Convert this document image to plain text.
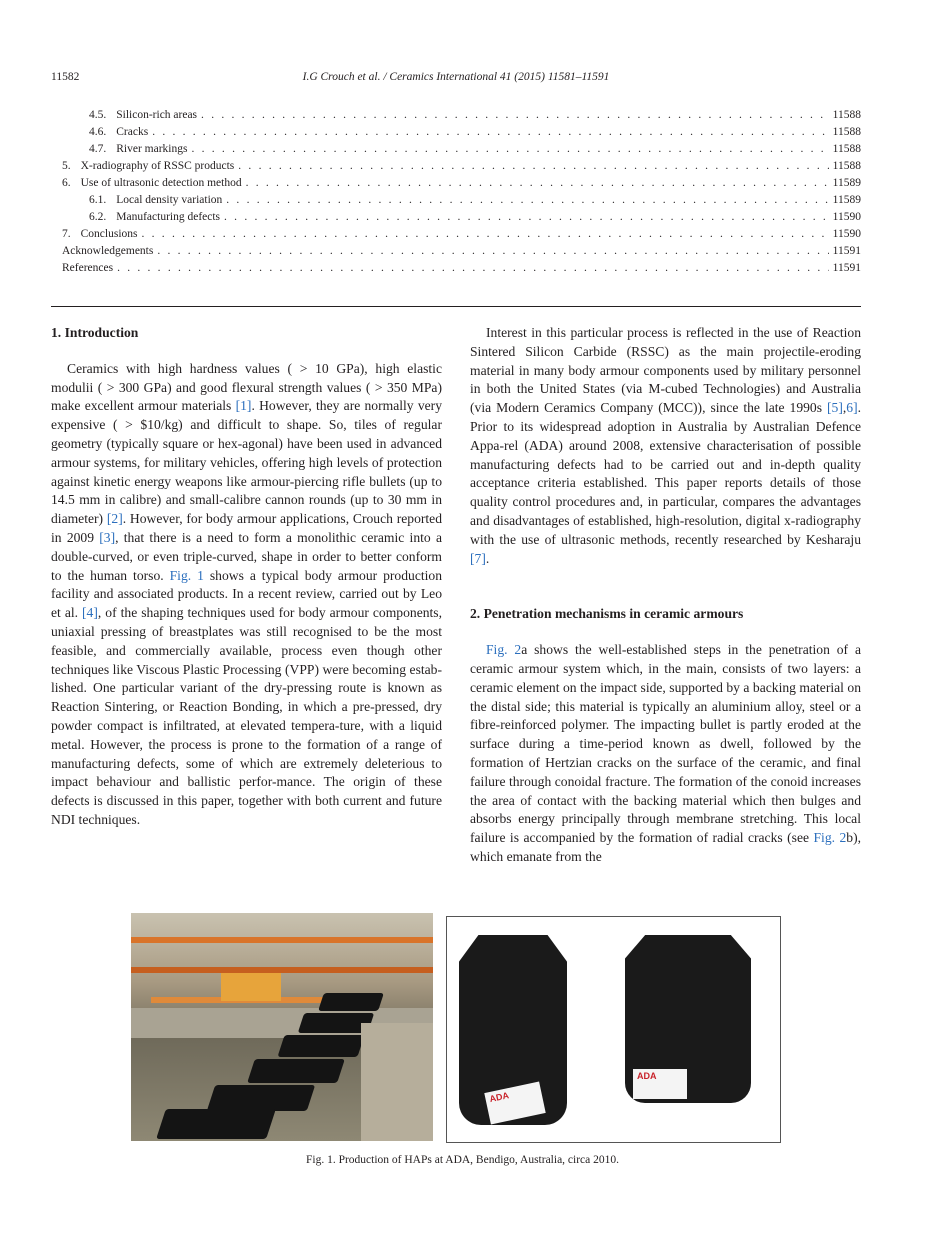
11582	I.G Crouch et al. / Ceramics International 41 (2015) 11581–11591
4.5. Silicon-rich areas . . .	11588
4.6. Cracks . . .	11588
4.7. River markings . . .	11588
5. X-radiography of RSSC products . . .	11588
6. Use of ultrasonic detection method . . .	11589
6.1. Local density variation . . .	11589
6.2. Manufacturing defects . . .	11590
7. Conclusions . . .	11590
Acknowledgements . . .	11591
References . . .	11591
1. Introduction

Ceramics with high hardness values ( > 10 GPa), high elastic modulii ( > 300 GPa) and good flexural strength values ( > 350 MPa) make excellent armour materials [1]. However, they are normally very expensive ( > $10/kg) and difficult to shape. So, tiles of regular geometry (typically square or hex-agonal) have been used in advanced armour systems, for military vehicles, offering high levels of protection against kinetic energy weapons like armour-piercing rifle bullets (up to 14.5 mm in calibre) and small-calibre cannon rounds (up to 30 mm in diameter) [2]. However, for body armour applications, Crouch reported in 2009 [3], that there is a need to form a monolithic ceramic into a double-curved, or even triple-curved, shape in order to better conform to the human torso. Fig. 1 shows a typical body armour production facility and associated products. In a recent review, carried out by Leo et al. [4], of the shaping techniques used for body armour components, uniaxial pressing of breastplates was still recognised to be the most feasible, and commercially available, process even though other techniques like Viscous Plastic Processing (VPP) were becoming estab-lished. One particular variant of the dry-pressing route is known as Reaction Sintering, or Reaction Bonding, in which a pre-pressed, dry powder compact is infiltrated, at elevated tempera-ture, with a liquid metal. However, the process is prone to the formation of a range of manufacturing defects, some of which are extremely deleterious to impact behaviour and ballistic perfor-mance. The origin of these defects is discussed in this paper, together with both current and future NDI techniques.

Interest in this particular process is reflected in the use of Reaction Sintered Silicon Carbide (RSSC) as the main projectile-eroding material in many body armour components used by military personnel in both the United States (via M-cubed Technologies) and Australia (via Modern Ceramics Company (MCC)), since the late 1990s [5],6]. Prior to its widespread adoption in Australia by Australian Defence Appa-rel (ADA) around 2008, extensive characterisation of possible manufacturing defects had to be carried out and in-depth quality acceptance criteria established. This paper reports details of those quality control procedures and, in particular, compares the advantages and disadvantages of established, high-resolution, digital x-radiography with the use of ultrasonic methods, recently researched by Kesharaju [7].

2. Penetration mechanisms in ceramic armours

Fig. 2a shows the well-established steps in the penetration of a ceramic armour system which, in the main, consists of two layers: a ceramic element on the impact side, supported by a backing material on the distal side; this material is typically an aluminium alloy, steel or a fibre-reinforced polymer. The impacting bullet is partly eroded at the surface during a time-period known as dwell, followed by the formation of Hertzian cracks on the surface of the ceramic, and final failure through conoidal fracture. The formation of the conoid increases the area of contact with the backing material which then bulges and absorbs energy principally through membrane stretching. This local failure is accompanied by the formation of radial cracks (see Fig. 2b), which emanate from the

ADA
ADA
Fig. 1. Production of HAPs at ADA, Bendigo, Australia, circa 2010.
